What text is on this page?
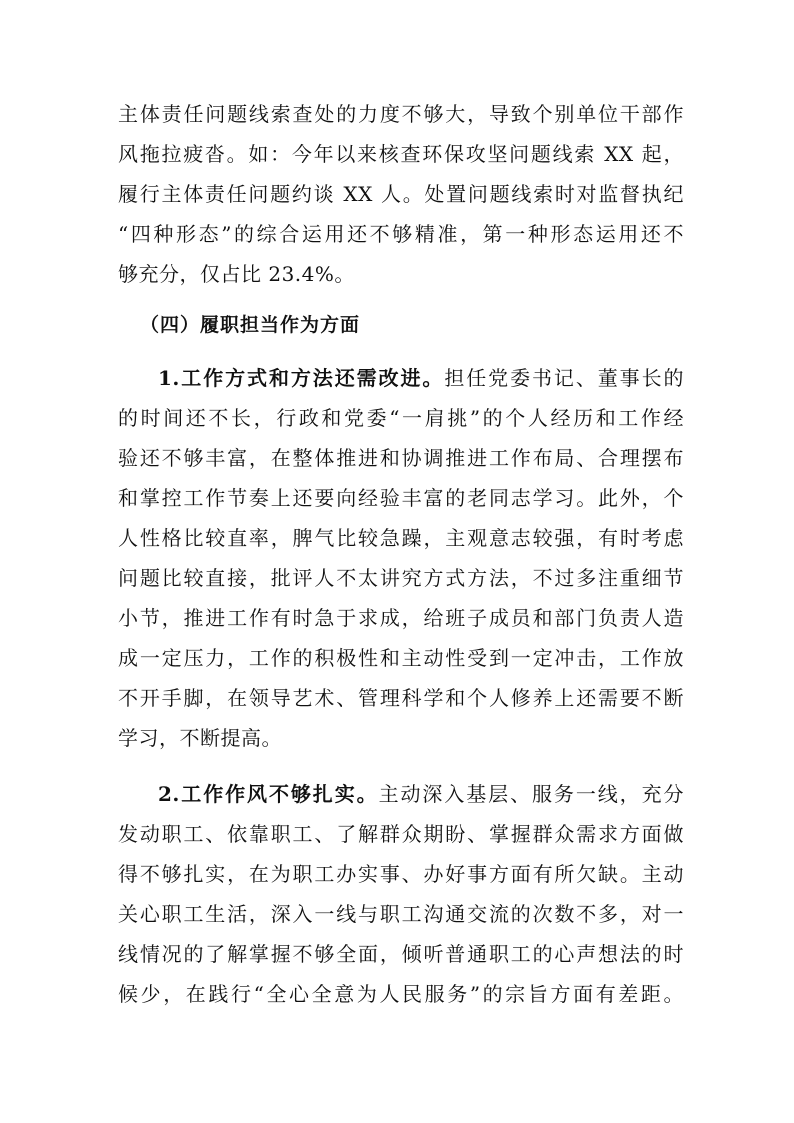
主体责任问题线索查处的力度不够大，导致个别单位干部作
风拖拉疲沓。如：今年以来核查环保攻坚问题线索 XX 起，
履行主体责任问题约谈 XX 人。处置问题线索时对监督执纪
“四种形态”的综合运用还不够精准，第一种形态运用还不
够充分，仅占比 23.4%。
（四）履职担当作为方面
1.工作方式和方法还需改进。担任党委书记、董事长的
的时间还不长，行政和党委“一肩挑”的个人经历和工作经
验还不够丰富，在整体推进和协调推进工作布局、合理摆布
和掌控工作节奏上还要向经验丰富的老同志学习。此外，个
人性格比较直率，脾气比较急躁，主观意志较强，有时考虑
问题比较直接，批评人不太讲究方式方法，不过多注重细节
小节，推进工作有时急于求成，给班子成员和部门负责人造
成一定压力，工作的积极性和主动性受到一定冲击，工作放
不开手脚，在领导艺术、管理科学和个人修养上还需要不断
学习，不断提高。
2.工作作风不够扎实。主动深入基层、服务一线，充分
发动职工、依靠职工、了解群众期盼、掌握群众需求方面做
得不够扎实，在为职工办实事、办好事方面有所欠缺。主动
关心职工生活，深入一线与职工沟通交流的次数不多，对一
线情况的了解掌握不够全面，倾听普通职工的心声想法的时
候少，在践行“全心全意为人民服务”的宗旨方面有差距。
